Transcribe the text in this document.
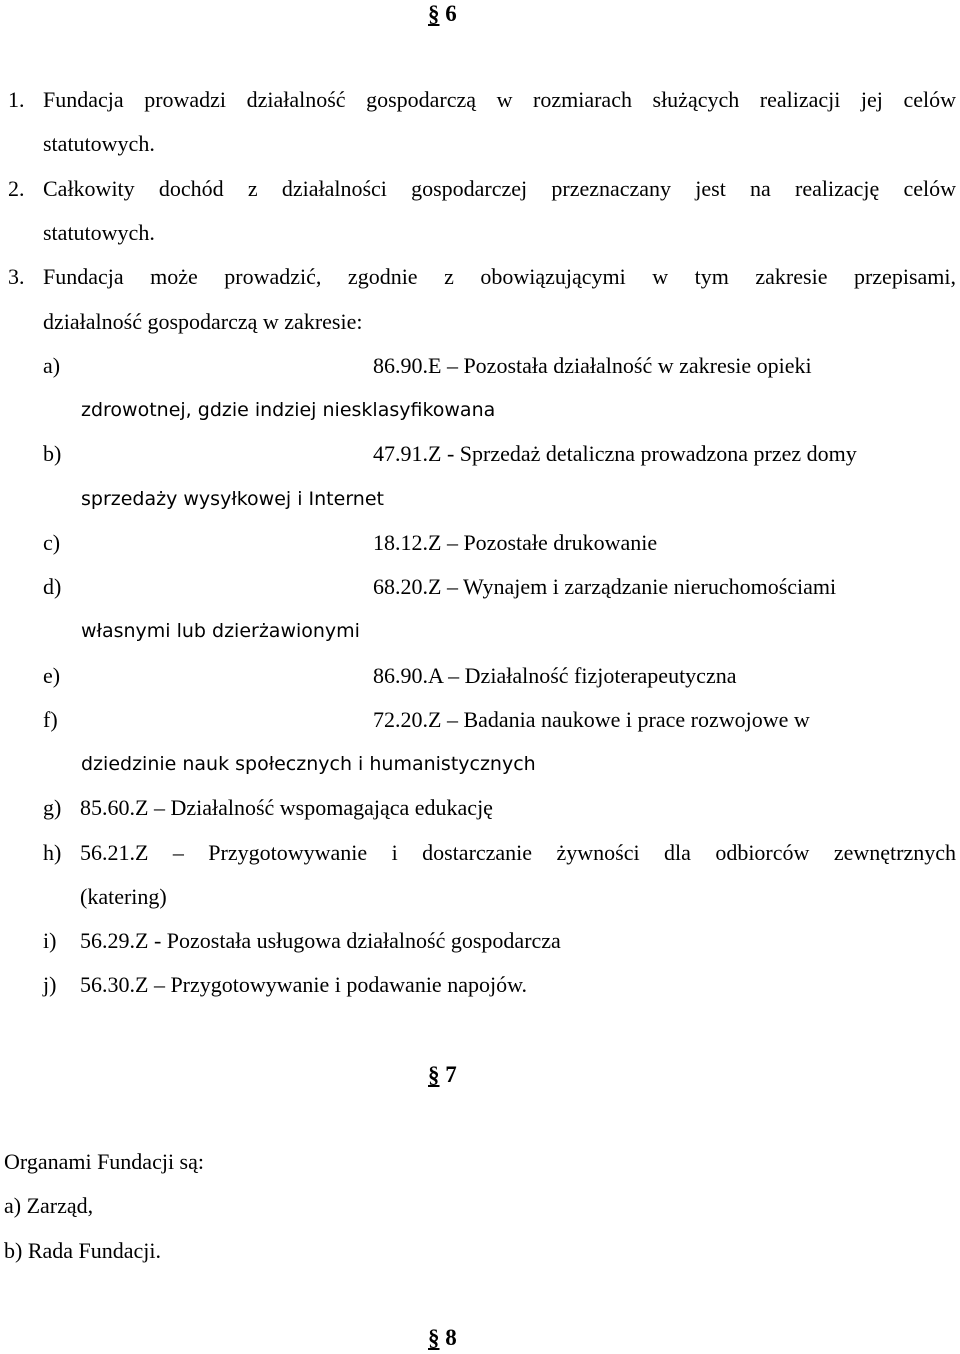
§ 6
1. Fundacja prowadzi działalność gospodarczą w rozmiarach służących realizacji jej celów
statutowych.
2. Całkowity dochód z działalności gospodarczej przeznaczany jest na realizację celów
statutowych.
3. Fundacja może prowadzić, zgodnie z obowiązującymi w tym zakresie przepisami,
działalność gospodarczą w zakresie:
a)	86.90.E – Pozostała działalność w zakresie opieki
zdrowotnej, gdzie indziej niesklasyfikowana
b)	47.91.Z - Sprzedaż detaliczna prowadzona przez domy
sprzedaży wysyłkowej i Internet
c)	18.12.Z – Pozostałe drukowanie
d)	68.20.Z – Wynajem i zarządzanie nieruchomościami
własnymi lub dzierżawionymi
e)	86.90.A – Działalność fizjoterapeutyczna
f)	72.20.Z – Badania naukowe i prace rozwojowe w
dziedzinie nauk społecznych i humanistycznych
g) 85.60.Z – Działalność wspomagająca edukację
h) 56.21.Z – Przygotowywanie i dostarczanie żywności dla odbiorców zewnętrznych
(katering)
i) 56.29.Z - Pozostała usługowa działalność gospodarcza
j) 56.30.Z – Przygotowywanie i podawanie napojów.
§ 7
Organami Fundacji są:
a) Zarząd,
b) Rada Fundacji.
§ 8
